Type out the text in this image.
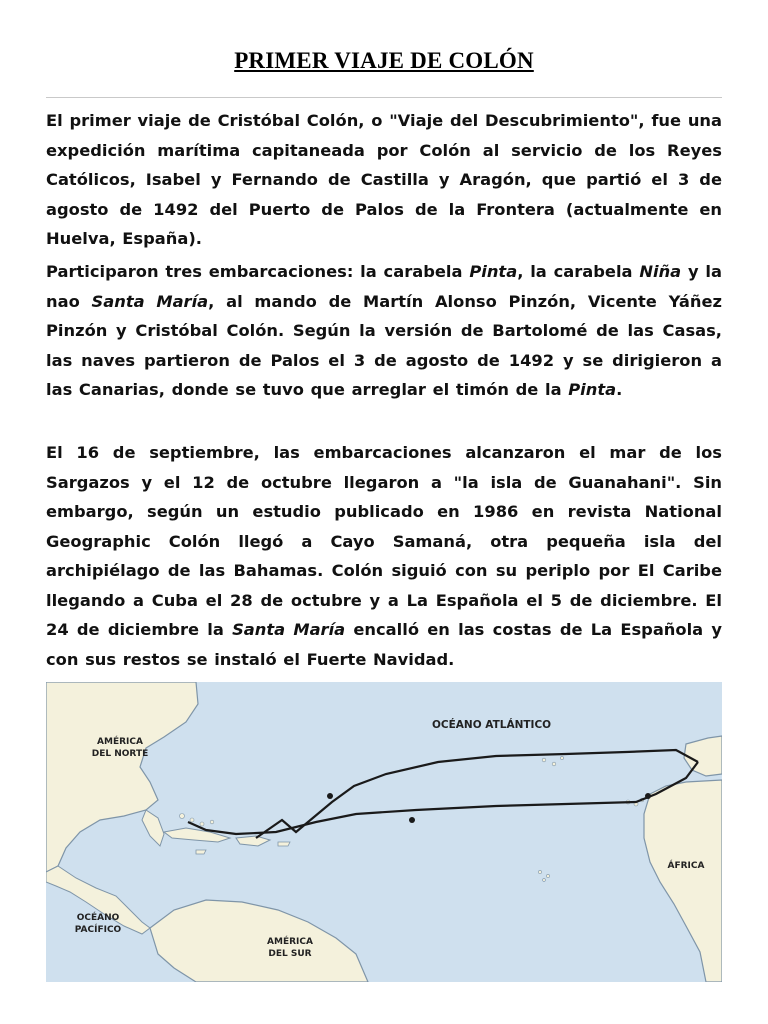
PRIMER VIAJE DE COLÓN
El primer viaje de Cristóbal Colón, o "Viaje del Descubrimiento", fue una expedición marítima capitaneada por Colón al servicio de los Reyes Católicos, Isabel y Fernando de Castilla y Aragón, que partió el 3 de agosto de 1492 del Puerto de Palos de la Frontera (actualmente en Huelva, España).
Participaron tres embarcaciones: la carabela Pinta, la carabela Niña y la nao Santa María, al mando de Martín Alonso Pinzón, Vicente Yáñez Pinzón y Cristóbal Colón. Según la versión de Bartolomé de las Casas, las naves partieron de Palos el 3 de agosto de 1492 y se dirigieron a las Canarias, donde se tuvo que arreglar el timón de la Pinta.
El 16 de septiembre, las embarcaciones alcanzaron el mar de los Sargazos y el 12 de octubre llegaron a "la isla de Guanahani". Sin embargo, según un estudio publicado en 1986 en revista National Geographic Colón llegó a Cayo Samaná, otra pequeña isla del archipiélago de las Bahamas. Colón siguió con su periplo por El Caribe llegando a Cuba el 28 de octubre y a La Española el 5 de diciembre. El 24 de diciembre la Santa María encalló en las costas de La Española y con sus restos se instaló el Fuerte Navidad.
OCÉANO ATLÁNTICO
AMÉRICA
DEL NORTE
AMÉRICA
DEL SUR
OCÉANO
PACÍFICO
ÁFRICA
